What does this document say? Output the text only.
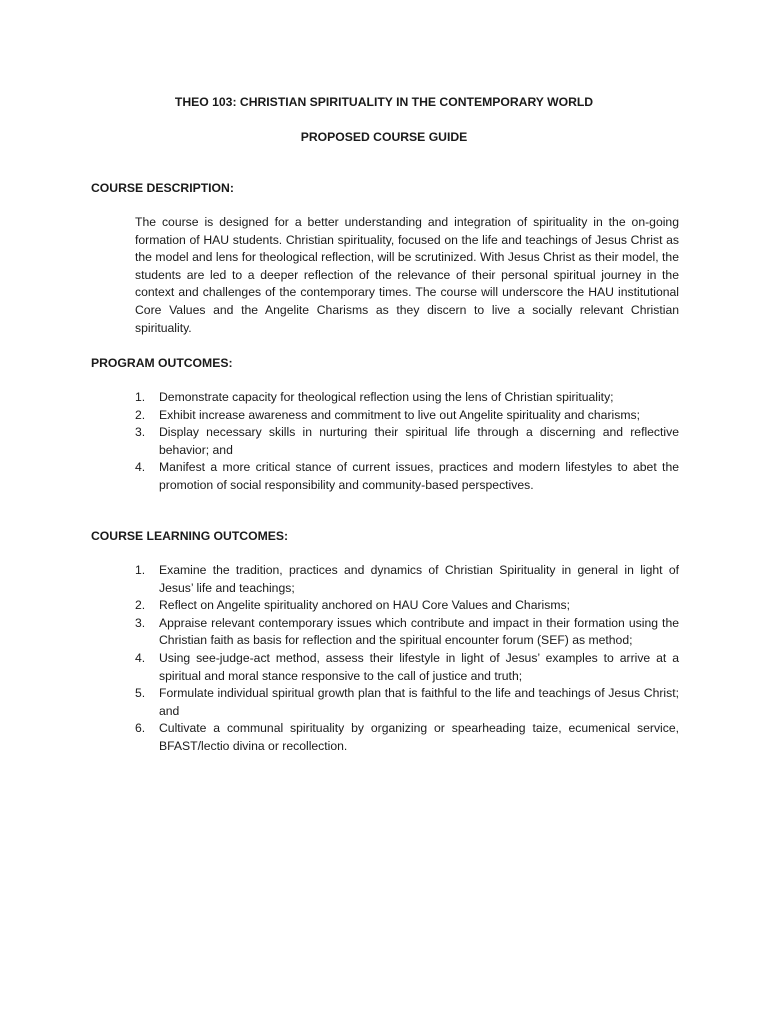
THEO 103: CHRISTIAN SPIRITUALITY IN THE CONTEMPORARY WORLD
PROPOSED COURSE GUIDE
COURSE DESCRIPTION:

The course is designed for a better understanding and integration of spirituality in the on-going formation of HAU students. Christian spirituality, focused on the life and teachings of Jesus Christ as the model and lens for theological reflection, will be scrutinized. With Jesus Christ as their model, the students are led to a deeper reflection of the relevance of their personal spiritual journey in the context and challenges of the contemporary times. The course will underscore the HAU institutional Core Values and the Angelite Charisms as they discern to live a socially relevant Christian spirituality.

PROGRAM OUTCOMES:
1. Demonstrate capacity for theological reflection using the lens of Christian spirituality;
2. Exhibit increase awareness and commitment to live out Angelite spirituality and charisms;
3. Display necessary skills in nurturing their spiritual life through a discerning and reflective behavior; and
4. Manifest a more critical stance of current issues, practices and modern lifestyles to abet the promotion of social responsibility and community-based perspectives.
COURSE LEARNING OUTCOMES:
1. Examine the tradition, practices and dynamics of Christian Spirituality in general in light of Jesus’ life and teachings;
2. Reflect on Angelite spirituality anchored on HAU Core Values and Charisms;
3. Appraise relevant contemporary issues which contribute and impact in their formation using the Christian faith as basis for reflection and the spiritual encounter forum (SEF) as method;
4. Using see-judge-act method, assess their lifestyle in light of Jesus’ examples to arrive at a spiritual and moral stance responsive to the call of justice and truth;
5. Formulate individual spiritual growth plan that is faithful to the life and teachings of Jesus Christ; and
6. Cultivate a communal spirituality by organizing or spearheading taize, ecumenical service, BFAST/lectio divina or recollection.
